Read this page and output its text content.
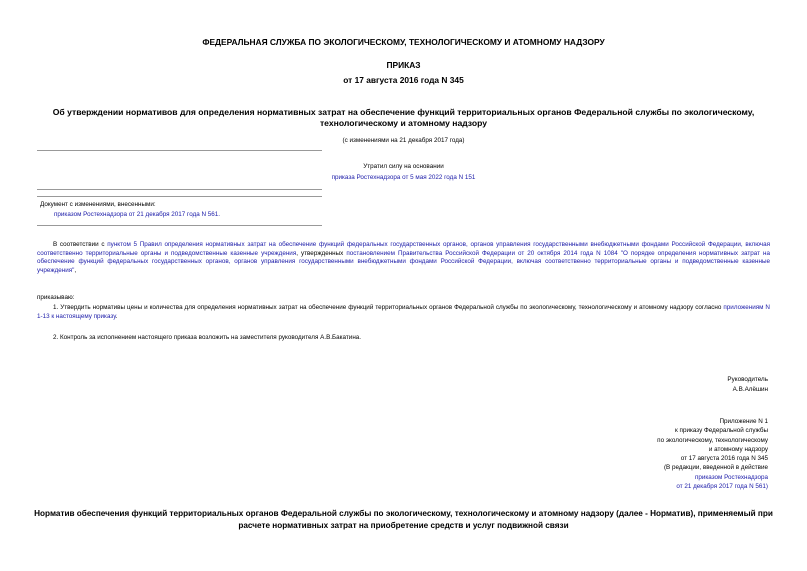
ФЕДЕРАЛЬНАЯ СЛУЖБА ПО ЭКОЛОГИЧЕСКОМУ, ТЕХНОЛОГИЧЕСКОМУ И АТОМНОМУ НАДЗОРУ
ПРИКАЗ
от 17 августа 2016 года N 345
Об утверждении нормативов для определения нормативных затрат на обеспечение функций территориальных органов Федеральной службы по экологическому, технологическому и атомному надзору
(с изменениями на 21 декабря 2017 года)
Утратил силу на основании
приказа Ростехнадзора от 5 мая 2022 года N 151
Документ с изменениями, внесенными:
приказом Ростехнадзора от 21 декабря 2017 года N 561.
В соответствии с пунктом 5 Правил определения нормативных затрат на обеспечение функций федеральных государственных органов, органов управления государственными внебюджетными фондами Российской Федерации, включая соответственно территориальные органы и подведомственные казенные учреждения, утвержденных постановлением Правительства Российской Федерации от 20 октября 2014 года N 1084 "О порядке определения нормативных затрат на обеспечение функций федеральных государственных органов, органов управления государственными внебюджетными фондами Российской Федерации, включая соответственно территориальные органы и подведомственные казенные учреждения",
приказываю:
1. Утвердить нормативы цены и количества для определения нормативных затрат на обеспечение функций территориальных органов Федеральной службы по экологическому, технологическому и атомному надзору согласно приложениям N 1-13 к настоящему приказу.
2. Контроль за исполнением настоящего приказа возложить на заместителя руководителя А.В.Бакатина.
Руководитель
А.В.Алёшин
Приложение N 1
к приказу Федеральной службы
по экологическому, технологическому
и атомному надзору
от 17 августа 2016 года N 345
(В редакции, введенной в действие
приказом Ростехнадзора
от 21 декабря 2017 года N 561)
Норматив обеспечения функций территориальных органов Федеральной службы по экологическому, технологическому и атомному надзору (далее - Норматив), применяемый при расчете нормативных затрат на приобретение средств и услуг подвижной связи
